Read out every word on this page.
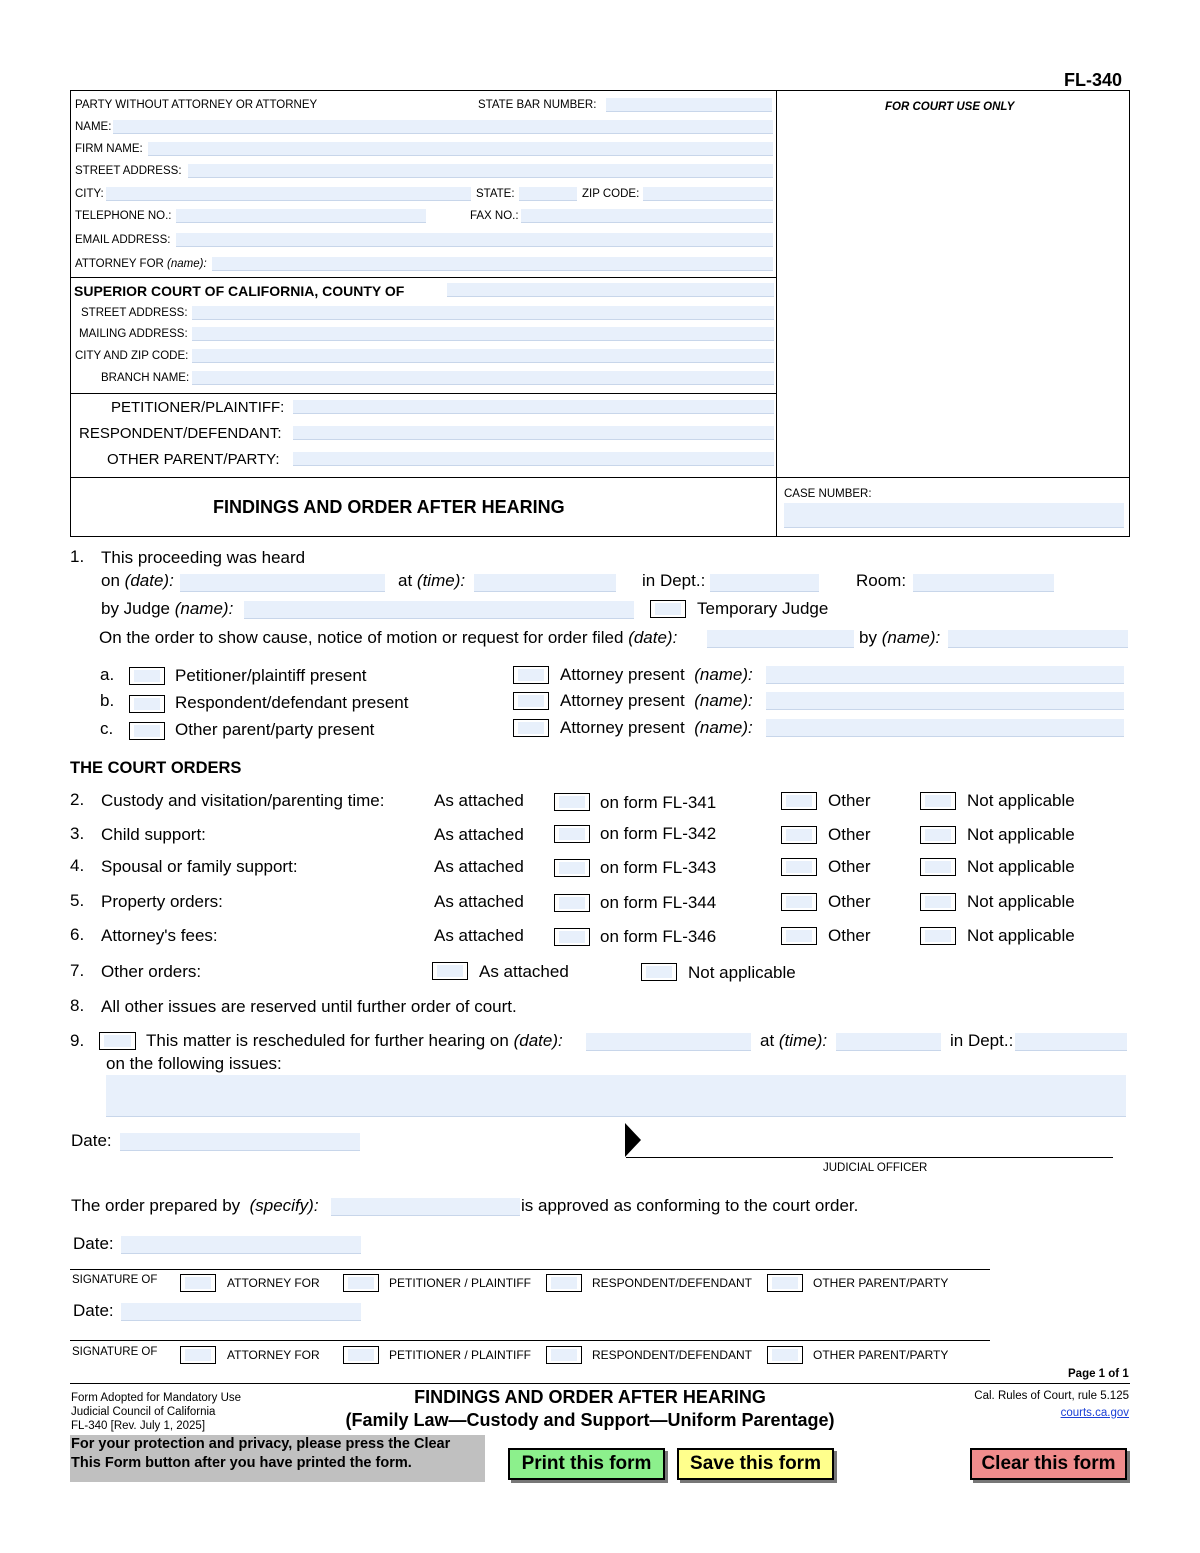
FL-340
PARTY WITHOUT ATTORNEY OR ATTORNEY	STATE BAR NUMBER:
NAME:
FIRM NAME:
STREET ADDRESS:
CITY:	STATE:	ZIP CODE:
TELEPHONE NO.:	FAX NO.:
EMAIL ADDRESS:
ATTORNEY FOR (name):
FOR COURT USE ONLY
SUPERIOR COURT OF CALIFORNIA, COUNTY OF
STREET ADDRESS:
MAILING ADDRESS:
CITY AND ZIP CODE:
BRANCH NAME:
PETITIONER/PLAINTIFF:
RESPONDENT/DEFENDANT:
OTHER PARENT/PARTY:
FINDINGS AND ORDER AFTER HEARING
CASE NUMBER:
1. This proceeding was heard
on (date):	at (time):	in Dept.:	Room:
by Judge (name):	Temporary Judge
On the order to show cause, notice of motion or request for order filed (date):	by (name):
a.	Petitioner/plaintiff present	Attorney present (name):
b.	Respondent/defendant present	Attorney present (name):
c.	Other parent/party present	Attorney present (name):
THE COURT ORDERS
2. Custody and visitation/parenting time:	As attached	on form FL-341	Other	Not applicable
3. Child support:	As attached	on form FL-342	Other	Not applicable
4. Spousal or family support:	As attached	on form FL-343	Other	Not applicable
5. Property orders:	As attached	on form FL-344	Other	Not applicable
6. Attorney's fees:	As attached	on form FL-346	Other	Not applicable
7. Other orders:	As attached	Not applicable
8. All other issues are reserved until further order of court.
9.	This matter is rescheduled for further hearing on (date):	at (time):	in Dept.:
on the following issues:
Date:
JUDICIAL OFFICER
The order prepared by (specify):	is approved as conforming to the court order.
Date:
SIGNATURE OF	ATTORNEY FOR	PETITIONER / PLAINTIFF	RESPONDENT/DEFENDANT	OTHER PARENT/PARTY
Date:
SIGNATURE OF	ATTORNEY FOR	PETITIONER / PLAINTIFF	RESPONDENT/DEFENDANT	OTHER PARENT/PARTY
Page 1 of 1
Form Adopted for Mandatory Use
Judicial Council of California
FL-340 [Rev. July 1, 2025]
FINDINGS AND ORDER AFTER HEARING
(Family Law—Custody and Support—Uniform Parentage)
Cal. Rules of Court, rule 5.125
courts.ca.gov
For your protection and privacy, please press the Clear
This Form button after you have printed the form.	Print this form	Save this form	Clear this form
